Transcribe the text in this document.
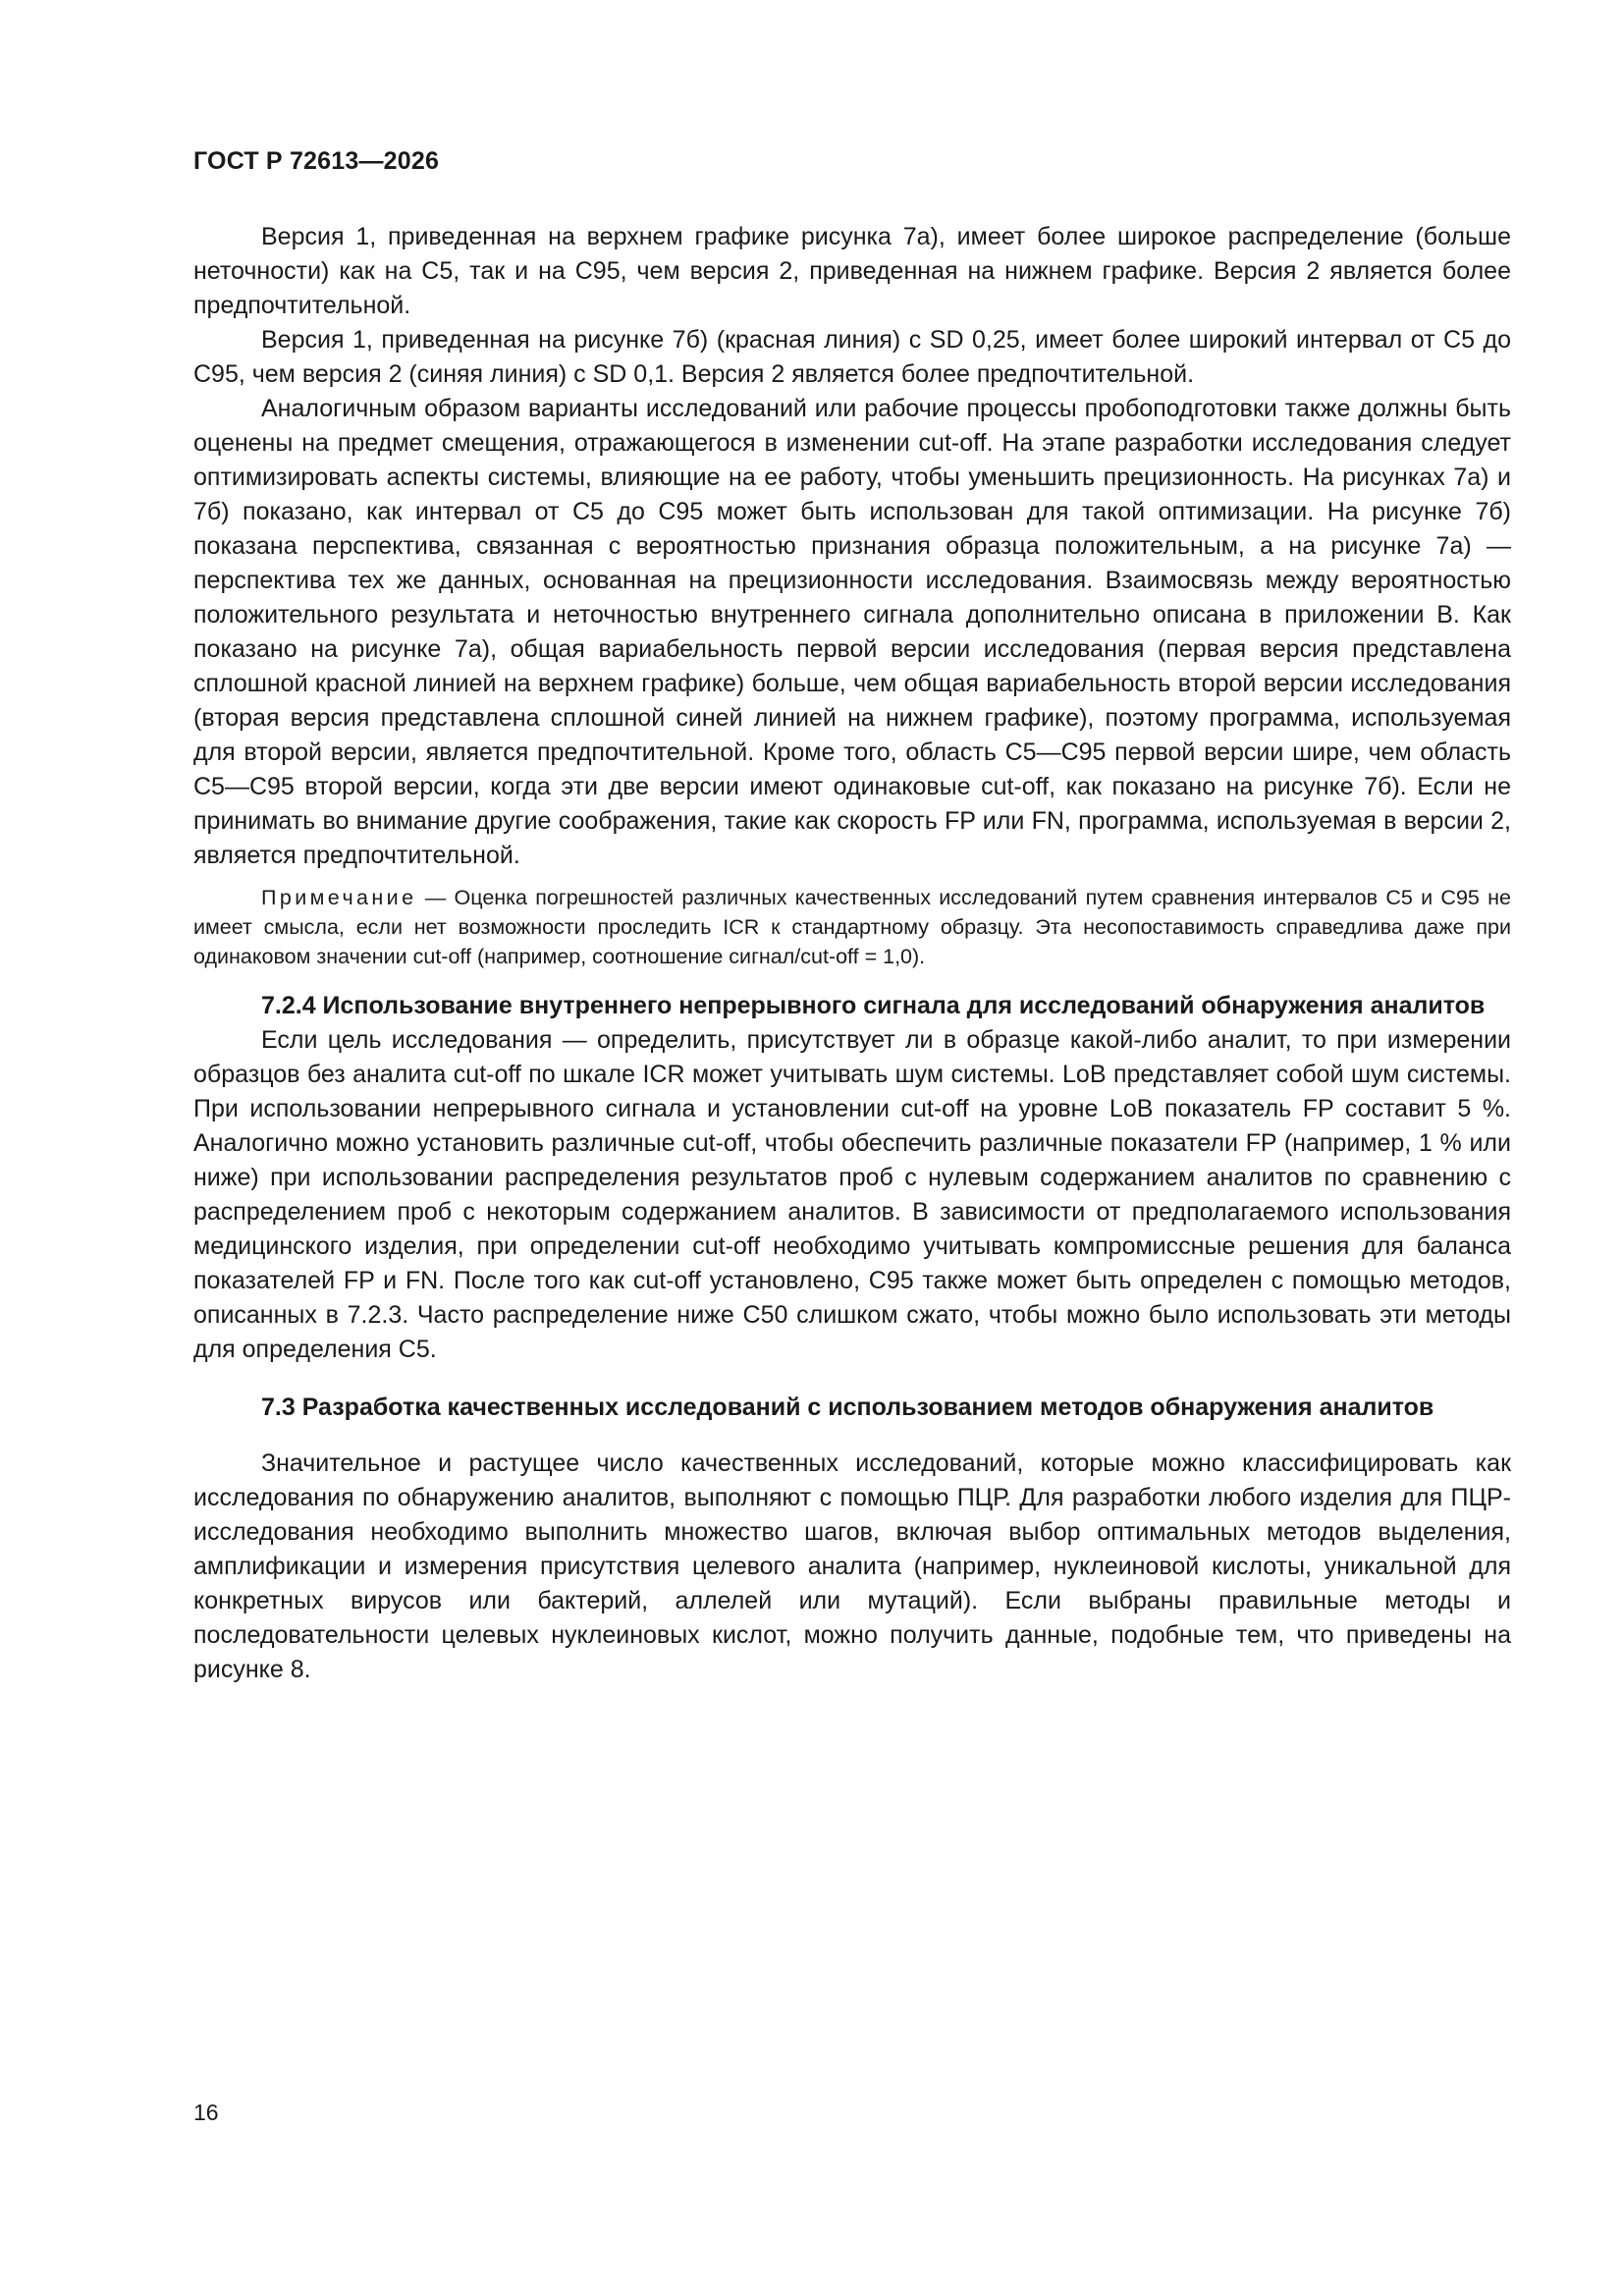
ГОСТ Р 72613—2026

Версия 1, приведенная на верхнем графике рисунка 7а), имеет более широкое распределение (больше неточности) как на C5, так и на C95, чем версия 2, приведенная на нижнем графике. Версия 2 является более предпочтительной.

Версия 1, приведенная на рисунке 7б) (красная линия) с SD 0,25, имеет более широкий интервал от C5 до C95, чем версия 2 (синяя линия) с SD 0,1. Версия 2 является более предпочтительной.

Аналогичным образом варианты исследований или рабочие процессы пробоподготовки также должны быть оценены на предмет смещения, отражающегося в изменении cut-off. На этапе разработки исследования следует оптимизировать аспекты системы, влияющие на ее работу, чтобы уменьшить прецизионность. На рисунках 7а) и 7б) показано, как интервал от C5 до C95 может быть использован для такой оптимизации. На рисунке 7б) показана перспектива, связанная с вероятностью признания образца положительным, а на рисунке 7а) — перспектива тех же данных, основанная на прецизионности исследования. Взаимосвязь между вероятностью положительного результата и неточностью внутреннего сигнала дополнительно описана в приложении В. Как показано на рисунке 7а), общая вариабельность первой версии исследования (первая версия представлена сплошной красной линией на верхнем графике) больше, чем общая вариабельность второй версии исследования (вторая версия представлена сплошной синей линией на нижнем графике), поэтому программа, используемая для второй версии, является предпочтительной. Кроме того, область C5—C95 первой версии шире, чем область C5—C95 второй версии, когда эти две версии имеют одинаковые cut-off, как показано на рисунке 7б). Если не принимать во внимание другие соображения, такие как скорость FP или FN, программа, используемая в версии 2, является предпочтительной.

Примечание — Оценка погрешностей различных качественных исследований путем сравнения интервалов C5 и C95 не имеет смысла, если нет возможности проследить ICR к стандартному образцу. Эта несопоставимость справедлива даже при одинаковом значении cut-off (например, соотношение сигнал/cut-off = 1,0).

7.2.4 Использование внутреннего непрерывного сигнала для исследований обнаружения аналитов

Если цель исследования — определить, присутствует ли в образце какой-либо аналит, то при измерении образцов без аналита cut-off по шкале ICR может учитывать шум системы. LoB представляет собой шум системы. При использовании непрерывного сигнала и установлении cut-off на уровне LoB показатель FP составит 5 %. Аналогично можно установить различные cut-off, чтобы обеспечить различные показатели FP (например, 1 % или ниже) при использовании распределения результатов проб с нулевым содержанием аналитов по сравнению с распределением проб с некоторым содержанием аналитов. В зависимости от предполагаемого использования медицинского изделия, при определении cut-off необходимо учитывать компромиссные решения для баланса показателей FP и FN. После того как cut-off установлено, C95 также может быть определен с помощью методов, описанных в 7.2.3. Часто распределение ниже C50 слишком сжато, чтобы можно было использовать эти методы для определения C5.

7.3 Разработка качественных исследований с использованием методов обнаружения аналитов

Значительное и растущее число качественных исследований, которые можно классифицировать как исследования по обнаружению аналитов, выполняют с помощью ПЦР. Для разработки любого изделия для ПЦР-исследования необходимо выполнить множество шагов, включая выбор оптимальных методов выделения, амплификации и измерения присутствия целевого аналита (например, нуклеиновой кислоты, уникальной для конкретных вирусов или бактерий, аллелей или мутаций). Если выбраны правильные методы и последовательности целевых нуклеиновых кислот, можно получить данные, подобные тем, что приведены на рисунке 8.

16
